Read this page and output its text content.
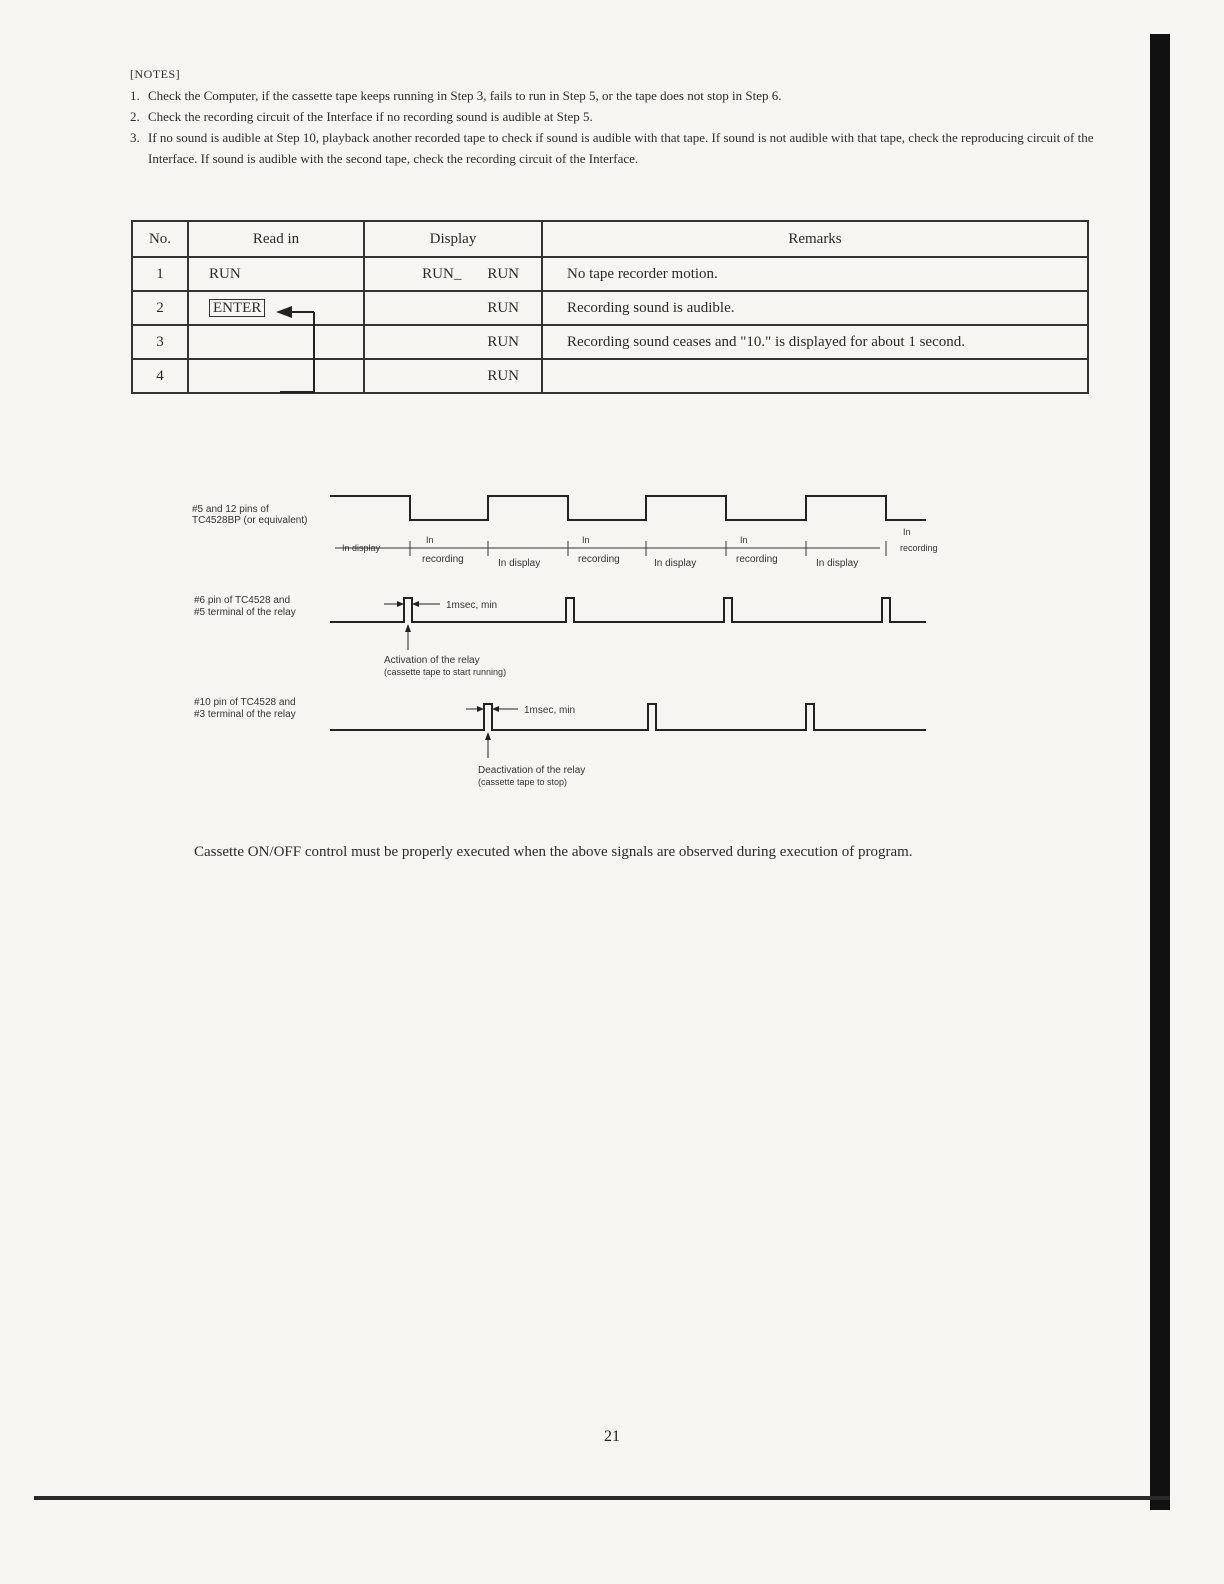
[NOTES]
1. Check the Computer, if the cassette tape keeps running in Step 3, fails to run in Step 5, or the tape does not stop in Step 6.
2. Check the recording circuit of the Interface if no recording sound is audible at Step 5.
3. If no sound is audible at Step 10, playback another recorded tape to check if sound is audible with that tape. If sound is not audible with that tape, check the reproducing circuit of the Interface. If sound is audible with the second tape, check the recording circuit of the Interface.
No.	Read in	Display	Remarks
1	RUN	RUN_ RUN	No tape recorder motion.
2	ENTER	RUN	Recording sound is audible.
3		RUN	Recording sound ceases and "10." is displayed for about 1 second.
4		RUN	
#5 and 12 pins of
TC4528BP (or equivalent)
In display
In
recording	In display
In
recording	In display
In
recording	In display
In
recording
#6 pin of TC4528 and
#5 terminal of the relay
1msec, min
Activation of the relay
(cassette tape to start running)
#10 pin of TC4528 and
#3 terminal of the relay	1msec, min
Deactivation of the relay
(cassette tape to stop)
Cassette ON/OFF control must be properly executed when the above signals are observed during execution of program.
21
